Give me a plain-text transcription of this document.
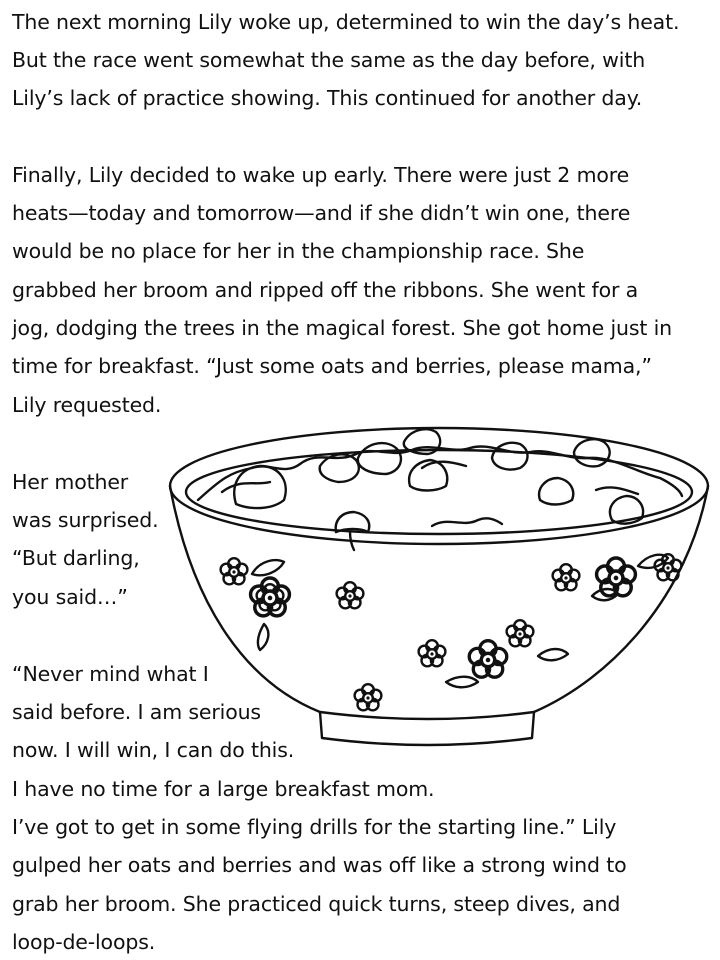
The next morning Lily woke up, determined to win the day’s heat.
But the race went somewhat the same as the day before, with
Lily’s lack of practice showing. This continued for another day.
Finally, Lily decided to wake up early. There were just 2 more
heats—today and tomorrow—and if she didn’t win one, there
would be no place for her in the championship race. She
grabbed her broom and ripped off the ribbons. She went for a
jog, dodging the trees in the magical forest. She got home just in
time for breakfast. “Just some oats and berries, please mama,”
Lily requested.
Her mother
was surprised.
“But darling,
you said…”
“Never mind what I
said before. I am serious
now. I will win, I can do this.
I have no time for a large breakfast mom.
I’ve got to get in some flying drills for the starting line.” Lily
gulped her oats and berries and was off like a strong wind to
grab her broom. She practiced quick turns, steep dives, and
loop-de-loops.
